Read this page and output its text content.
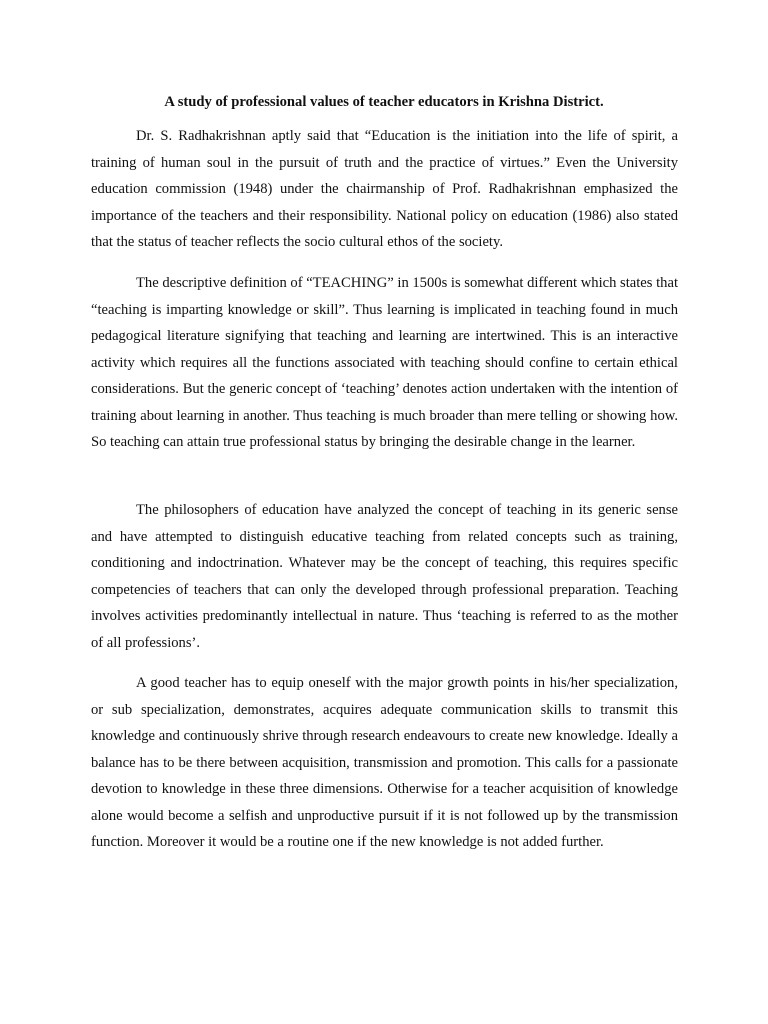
A study of professional values of teacher educators in Krishna District.

Dr. S. Radhakrishnan aptly said that “Education is the initiation into the life of spirit, a training of human soul in the pursuit of truth and the practice of virtues.” Even the University education commission (1948) under the chairmanship of Prof. Radhakrishnan emphasized the importance of the teachers and their responsibility. National policy on education (1986) also stated that the status of teacher reflects the socio cultural ethos of the society.

The descriptive definition of “TEACHING” in 1500s is somewhat different which states that “teaching is imparting knowledge or skill”. Thus learning is implicated in teaching found in much pedagogical literature signifying that teaching and learning are intertwined. This is an interactive activity which requires all the functions associated with teaching should confine to certain ethical considerations. But the generic concept of ‘teaching’ denotes action undertaken with the intention of training about learning in another. Thus teaching is much broader than mere telling or showing how. So teaching can attain true professional status by bringing the desirable change in the learner.

The philosophers of education have analyzed the concept of teaching in its generic sense and have attempted to distinguish educative teaching from related concepts such as training, conditioning and indoctrination. Whatever may be the concept of teaching, this requires specific competencies of teachers that can only the developed through professional preparation. Teaching involves activities predominantly intellectual in nature. Thus ‘teaching is referred to as the mother of all professions’.

A good teacher has to equip oneself with the major growth points in his/her specialization, or sub specialization, demonstrates, acquires adequate communication skills to transmit this knowledge and continuously shrive through research endeavours to create new knowledge. Ideally a balance has to be there between acquisition, transmission and promotion. This calls for a passionate devotion to knowledge in these three dimensions. Otherwise for a teacher acquisition of knowledge alone would become a selfish and unproductive pursuit if it is not followed up by the transmission function. Moreover it would be a routine one if the new knowledge is not added further.
